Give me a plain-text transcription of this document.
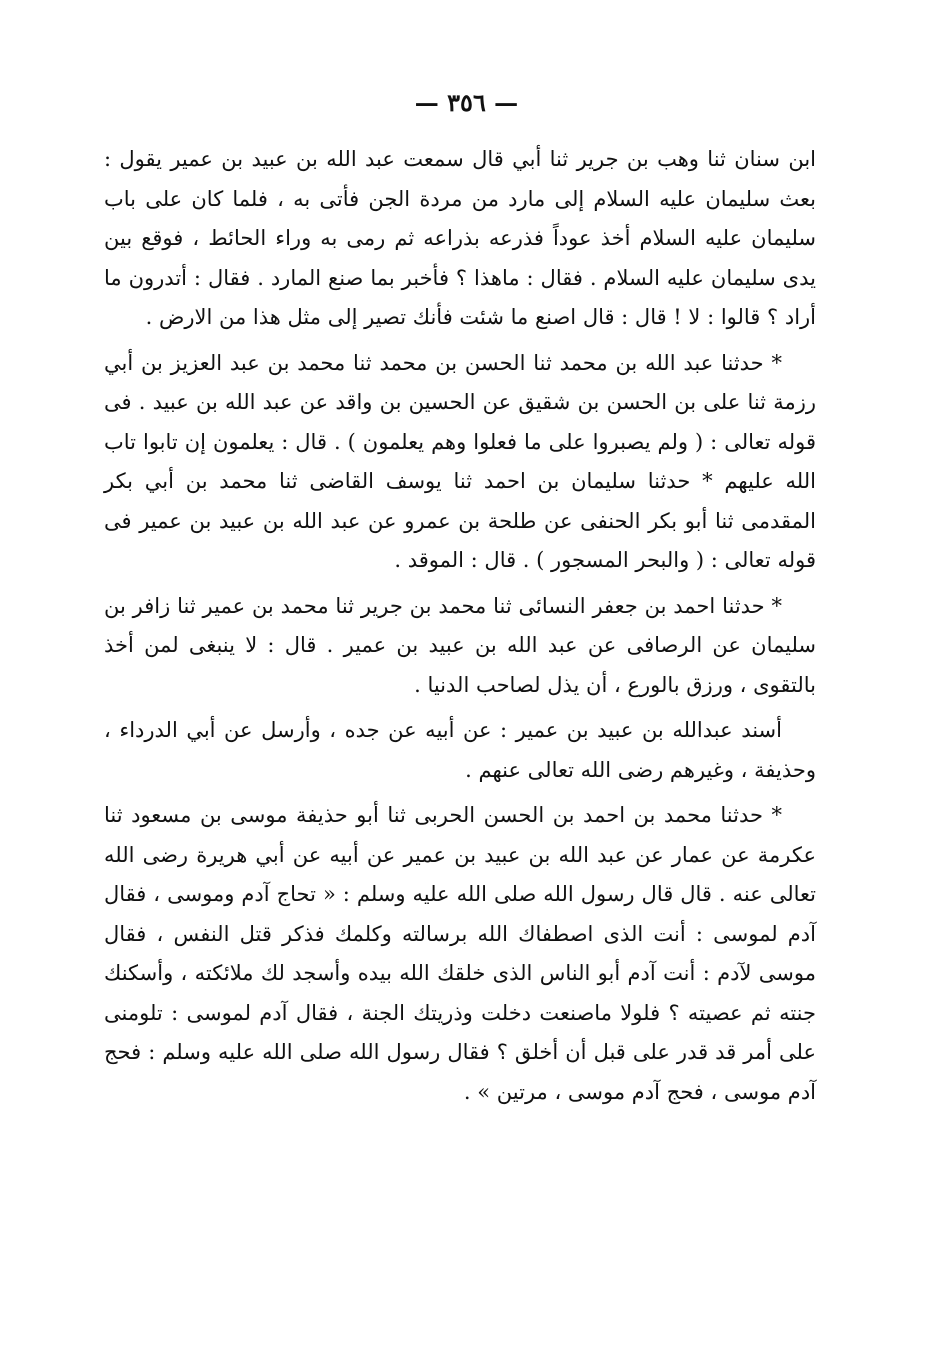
— ٣٥٦ —

ابن سنان ثنا وهب بن جرير ثنا أبي قال سمعت عبد الله بن عبيد بن عمير يقول : بعث سليمان عليه السلام إلى مارد من مردة الجن فأتى به ، فلما كان على باب سليمان عليه السلام أخذ عوداً فذرعه بذراعه ثم رمى به وراء الحائط ، فوقع بين يدى سليمان عليه السلام . فقال : ماهذا ؟ فأخبر بما صنع المارد . فقال : أتدرون ما أراد ؟ قالوا : لا ! قال : قال اصنع ما شئت فأنك تصير إلى مثل هذا من الارض .

* حدثنا عبد الله بن محمد ثنا الحسن بن محمد ثنا محمد بن عبد العزيز بن أبي رزمة ثنا على بن الحسن بن شقيق عن الحسين بن واقد عن عبد الله بن عبيد . فى قوله تعالى : ( ولم يصبروا على ما فعلوا وهم يعلمون ) . قال : يعلمون إن تابوا تاب الله عليهم * حدثنا سليمان بن احمد ثنا يوسف القاضى ثنا محمد بن أبي بكر المقدمى ثنا أبو بكر الحنفى عن طلحة بن عمرو عن عبد الله بن عبيد بن عمير فى قوله تعالى : ( والبحر المسجور ) . قال : الموقد .

* حدثنا احمد بن جعفر النسائى ثنا محمد بن جرير ثنا محمد بن عمير ثنا زافر بن سليمان عن الرصافى عن عبد الله بن عبيد بن عمير . قال : لا ينبغى لمن أخذ بالتقوى ، ورزق بالورع ، أن يذل لصاحب الدنيا .

أسند عبدالله بن عبيد بن عمير : عن أبيه عن جده ، وأرسل عن أبي الدرداء ، وحذيفة ، وغيرهم رضى الله تعالى عنهم .

* حدثنا محمد بن احمد بن الحسن الحربى ثنا أبو حذيفة موسى بن مسعود ثنا عكرمة عن عمار عن عبد الله بن عبيد بن عمير عن أبيه عن أبي هريرة رضى الله تعالى عنه . قال قال رسول الله صلى الله عليه وسلم : « تحاج آدم وموسى ، فقال آدم لموسى : أنت الذى اصطفاك الله برسالته وكلمك فذكر قتل النفس ، فقال موسى لآدم : أنت آدم أبو الناس الذى خلقك الله بيده وأسجد لك ملائكته ، وأسكنك جنته ثم عصيته ؟ فلولا ماصنعت دخلت وذريتك الجنة ، فقال آدم لموسى : تلومنى على أمر قد قدر على قبل أن أخلق ؟ فقال رسول الله صلى الله عليه وسلم : فحج آدم موسى ، فحج آدم موسى ، مرتين » .
